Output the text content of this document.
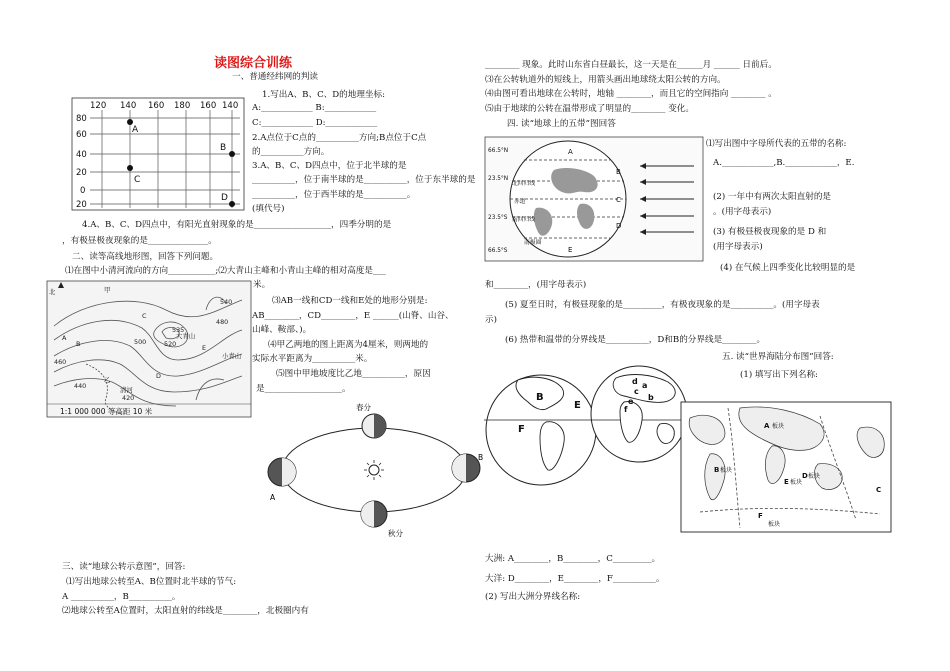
读图综合训练
一、普通经纬网的判读
1.写出A、B、C、D的地理坐标:
A:____________ B:____________
C:____________ D:____________
2.A点位于C点的__________方向;B点位于C点
的__________方向。
3.A、B、C、D四点中，位于北半球的是
__________，位于南半球的是__________，位于东半球的是
__________，位于西半球的是__________。
(填代号)
4.A、B、C、D四点中，有阳光直射现象的是__________________，四季分明的是
，有极昼极夜现象的是______________。
二、读等高线地形图，回答下列问题。
⑴在图中小清河流向的方向___________;⑵大青山主峰和小青山主峰的相对高度是___
米。
⑶AB一线和CD一线和E处的地形分别是:
AB________，CD________，E ______(山脊、山谷、
山峰、鞍部、)。
⑷甲乙两地的图上距离为4厘米，则两地的
实际水平距离为__________米。
⑸图中甲地坡度比乙地__________，原因
是__________________。
三、读“地球公转示意图”，回答:
⑴写出地球公转至A、B位置时北半球的节气:
A __________，B__________。
⑵地球公转至A位置时，太阳直射的纬线是________，北极圈内有
________ 现象。此时山东省白昼最长，这一天是在______月 ______ 日前后。
⑶在公转轨道外的短线上，用箭头画出地球绕太阳公转的方向。
⑷由图可看出地球在公转时，地轴 ________，而且它的空间指向 ________ 。
⑸由于地球的公转在温带形成了明显的________ 变化。
四. 读“地球上的五带”图回答
⑴写出图中字母所代表的五带的名称:
A.____________,B.____________，E.
(2) 一年中有两次太阳直射的是
。(用字母表示)
(3) 有极昼极夜现象的是 D 和
(用字母表示)
(4) 在气候上四季变化比较明显的是
和________，(用字母表示)
(5) 夏至日时，有极昼现象的是_________，有极夜现象的是__________。(用字母表
示)
(6) 热带和温带的分界线是__________，D和B的分界线是________。
五. 读“世界海陆分布图”回答:
(1) 填写出下列名称:
大洲: A________，B________，C_________。
大洋: D________，E________，F__________。
(2) 写出大洲分界线名称:
120 140 160 180 160 140
80
60
40
20
0
20
A
B
C
D
北	甲
乙
A
B
C
D
E
500
480
460
440
420
535
520
540
大青山
小青山
清河
1:1 000 000 等高距 10 米	春分
秋分
A
B
66.5°N
23.5°N
23.5°S
66.5°S
北回归线
赤道
南回归线
南极圈
A
B
C
D
E
B
E
F
a
b
c
d
e
f
A
B
C
D
E
F
板块
板块
板块
板块
板块
